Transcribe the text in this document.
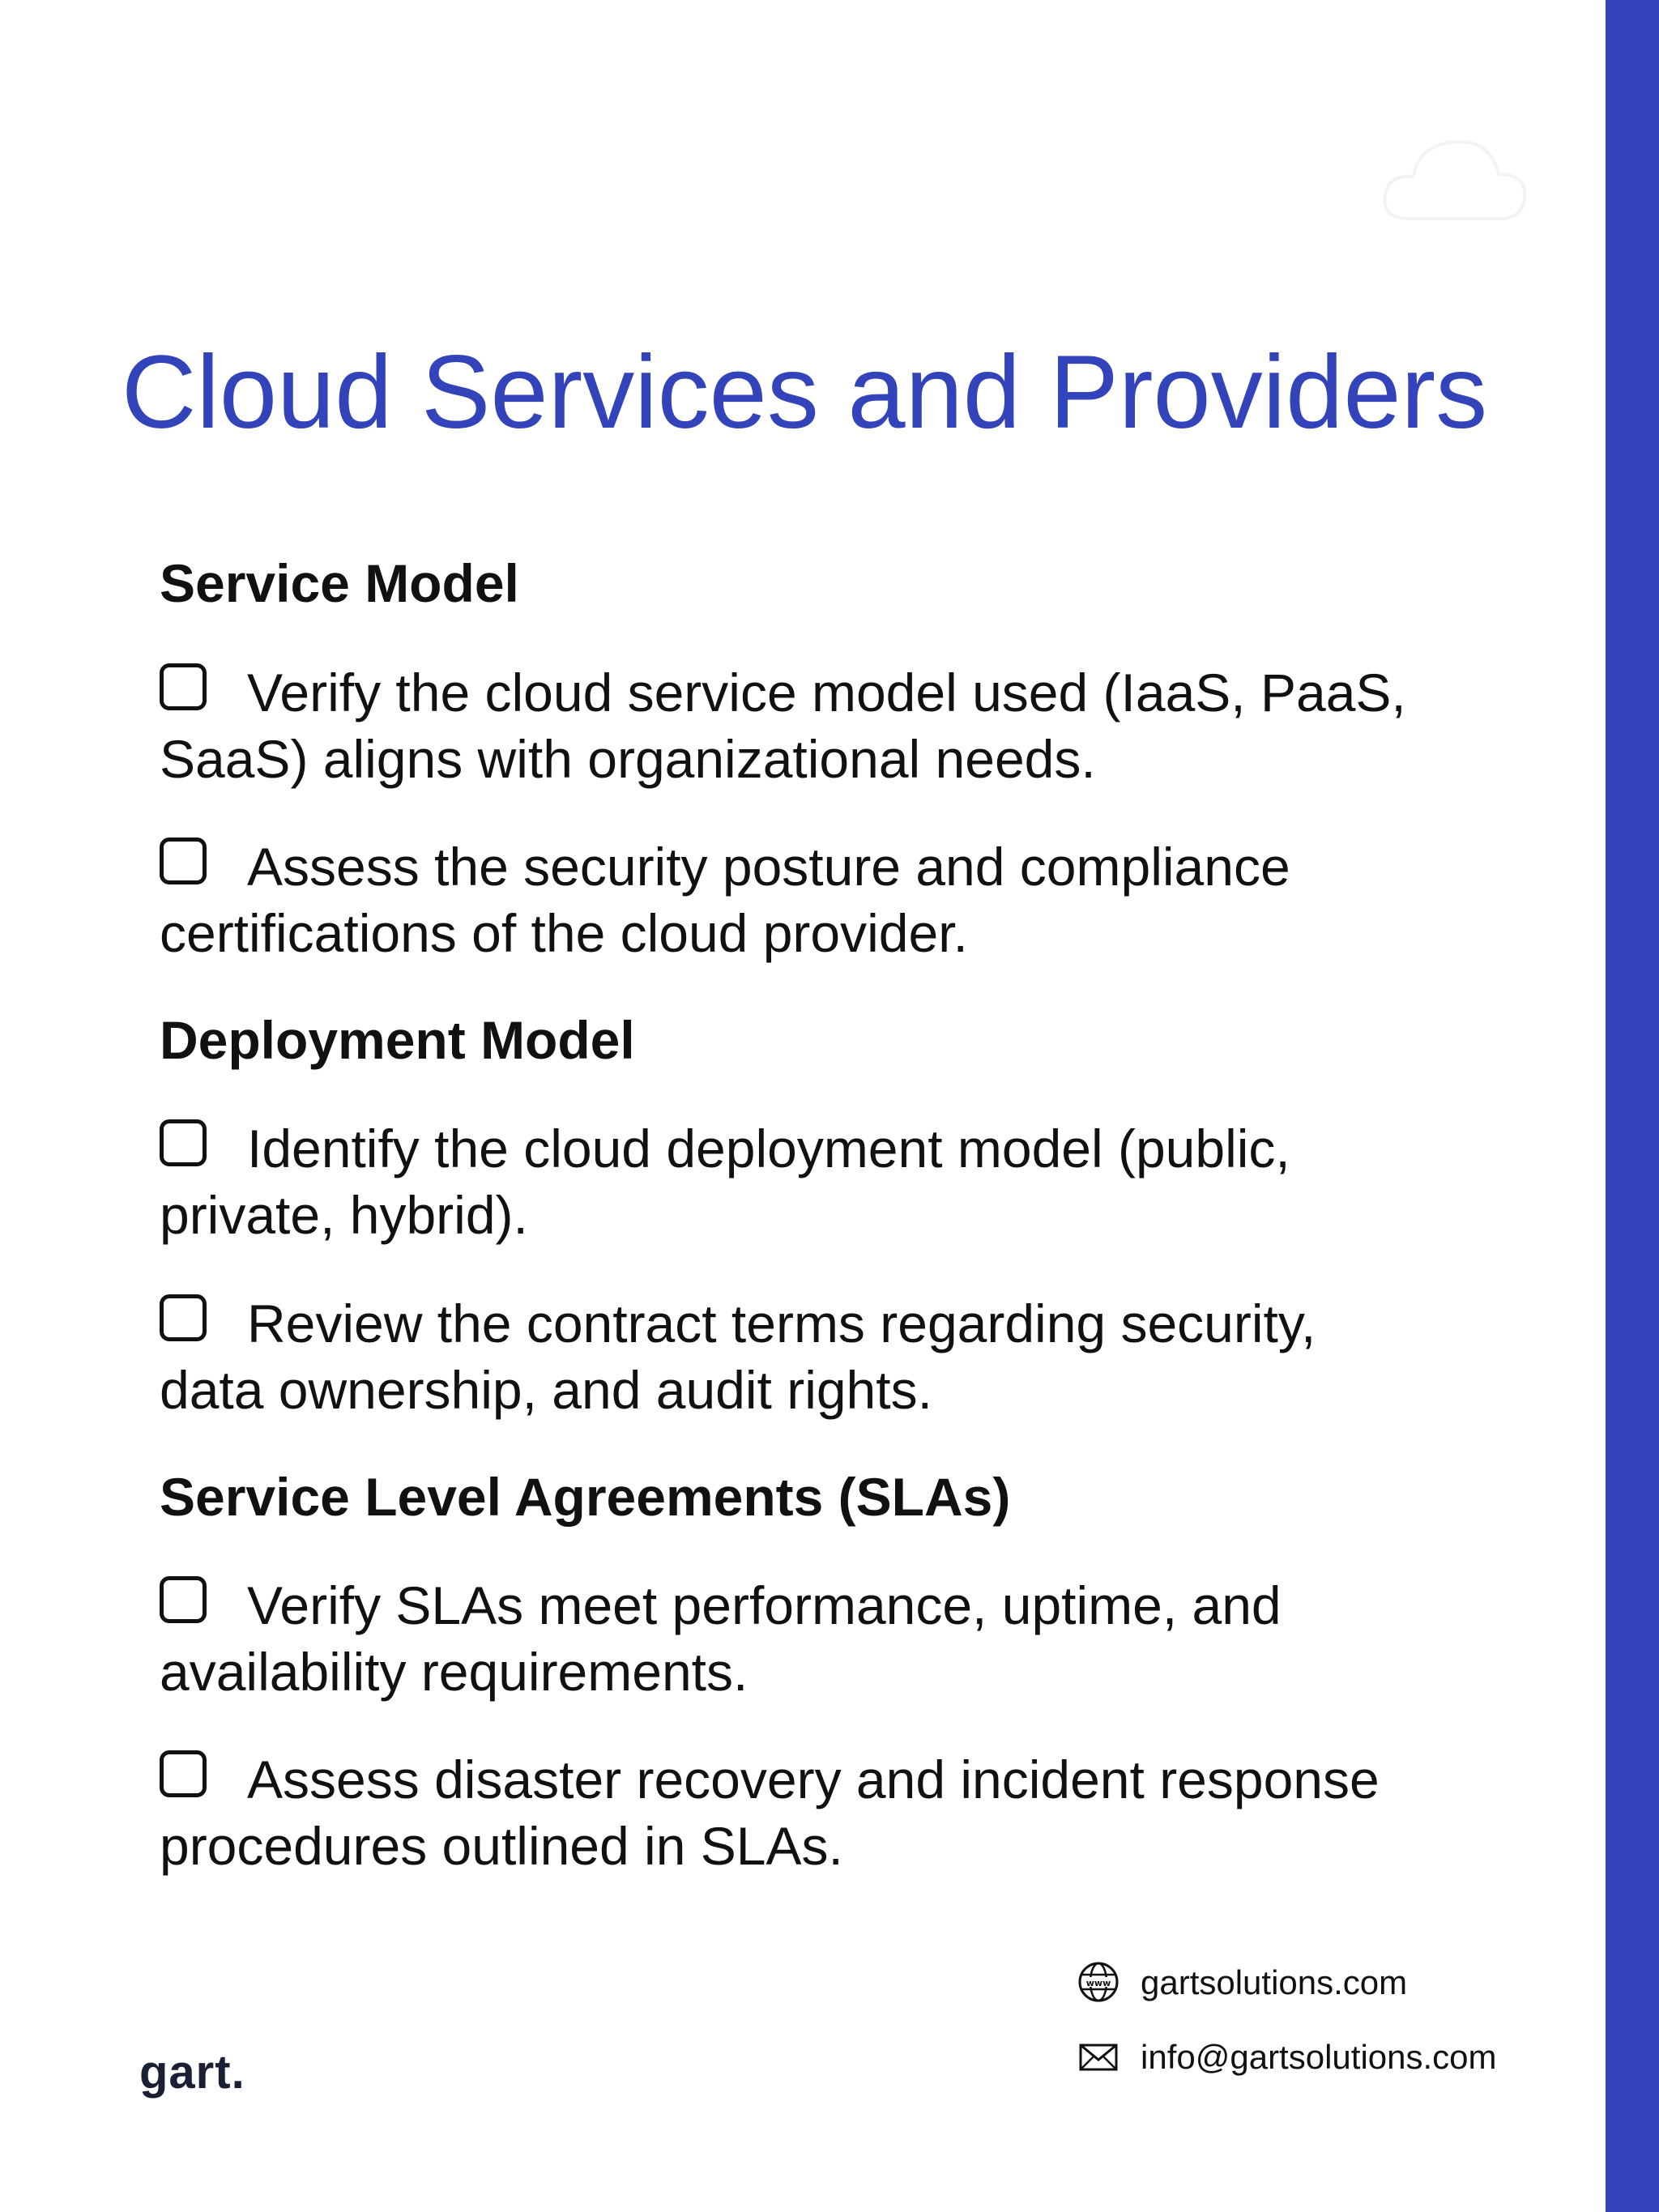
Cloud Services and Providers
Service Model
Verify the cloud service model used (IaaS, PaaS,
SaaS) aligns with organizational needs.
Assess the security posture and compliance
certifications of the cloud provider.
Deployment Model
Identify the cloud deployment model (public,
private, hybrid).
Review the contract terms regarding security,
data ownership, and audit rights.
Service Level Agreements (SLAs)
Verify SLAs meet performance, uptime, and
availability requirements.
Assess disaster recovery and incident response
procedures outlined in SLAs.
www gartsolutions.com
info@gartsolutions.com
gart.
